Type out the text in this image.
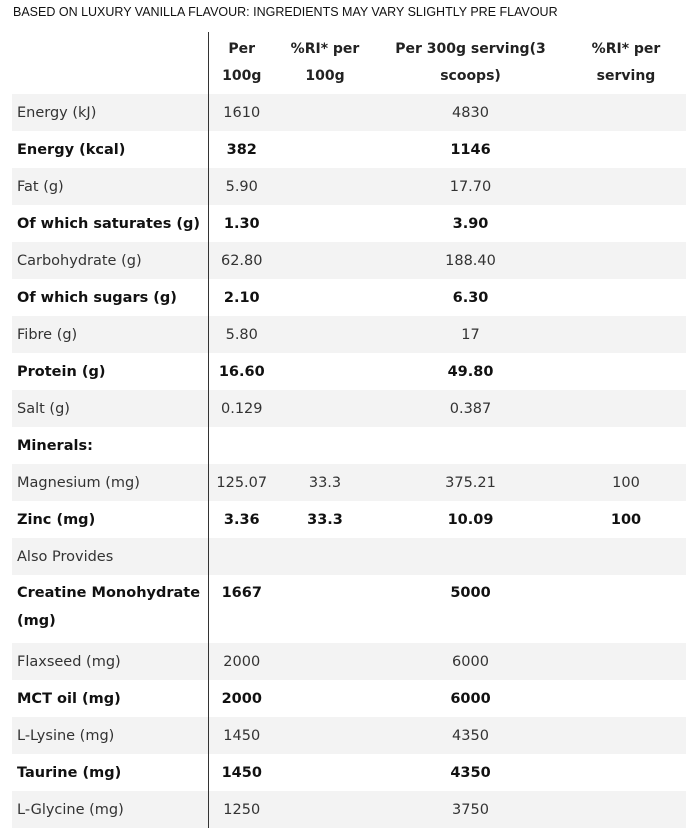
BASED ON LUXURY VANILLA FLAVOUR: INGREDIENTS MAY VARY SLIGHTLY PRE FLAVOUR
	Per 100g	%RI* per 100g	Per 300g serving(3 scoops)	%RI* per serving
Energy (kJ)	1610		4830	
Energy (kcal)	382		1146	
Fat (g)	5.90		17.70	
Of which saturates (g)	1.30		3.90	
Carbohydrate (g)	62.80		188.40	
Of which sugars (g)	2.10		6.30	
Fibre (g)	5.80		17	
Protein (g)	16.60		49.80	
Salt (g)	0.129		0.387	
Minerals:				
Magnesium (mg)	125.07	33.3	375.21	100
Zinc (mg)	3.36	33.3	10.09	100
Also Provides				
Creatine Monohydrate (mg)	1667		5000	
Flaxseed (mg)	2000		6000	
MCT oil (mg)	2000		6000	
L-Lysine (mg)	1450		4350	
Taurine (mg)	1450		4350	
L-Glycine (mg)	1250		3750	
